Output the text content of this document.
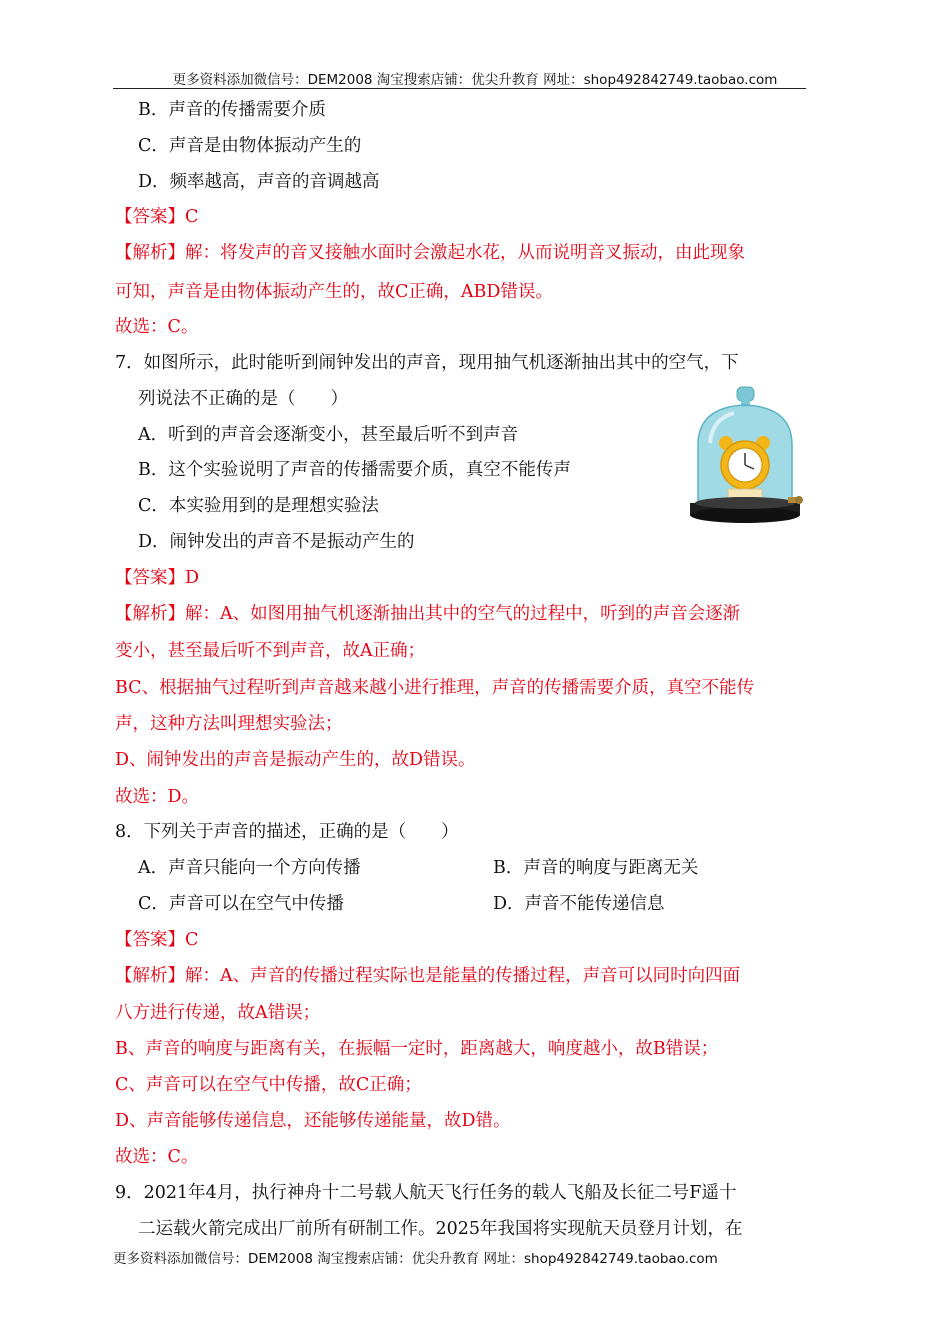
更多资料添加微信号：DEM2008 淘宝搜索店铺：优尖升教育 网址：shop492842749.taobao.com
B．声音的传播需要介质
C．声音是由物体振动产生的
D．频率越高，声音的音调越高
【答案】C
【解析】解：将发声的音叉接触水面时会激起水花，从而说明音叉振动，由此现象
可知，声音是由物体振动产生的，故C正确，ABD错误。
故选：C。
7．如图所示，此时能听到闹钟发出的声音，现用抽气机逐渐抽出其中的空气，下
列说法不正确的是（　　）
A．听到的声音会逐渐变小，甚至最后听不到声音
B．这个实验说明了声音的传播需要介质，真空不能传声
C．本实验用到的是理想实验法
D．闹钟发出的声音不是振动产生的
【答案】D
【解析】解：A、如图用抽气机逐渐抽出其中的空气的过程中，听到的声音会逐渐
变小，甚至最后听不到声音，故A正确；
BC、根据抽气过程听到声音越来越小进行推理，声音的传播需要介质，真空不能传
声，这种方法叫理想实验法；
D、闹钟发出的声音是振动产生的，故D错误。
故选：D。
8．下列关于声音的描述，正确的是（　　）
A．声音只能向一个方向传播	B．声音的响度与距离无关
C．声音可以在空气中传播	D．声音不能传递信息
【答案】C
【解析】解：A、声音的传播过程实际也是能量的传播过程，声音可以同时向四面
八方进行传递，故A错误；
B、声音的响度与距离有关，在振幅一定时，距离越大，响度越小，故B错误；
C、声音可以在空气中传播，故C正确；
D、声音能够传递信息，还能够传递能量，故D错。
故选：C。
9．2021年4月，执行神舟十二号载人航天飞行任务的载人飞船及长征二号F遥十
二运载火箭完成出厂前所有研制工作。2025年我国将实现航天员登月计划，在
更多资料添加微信号：DEM2008 淘宝搜索店铺：优尖升教育 网址：shop492842749.taobao.com
